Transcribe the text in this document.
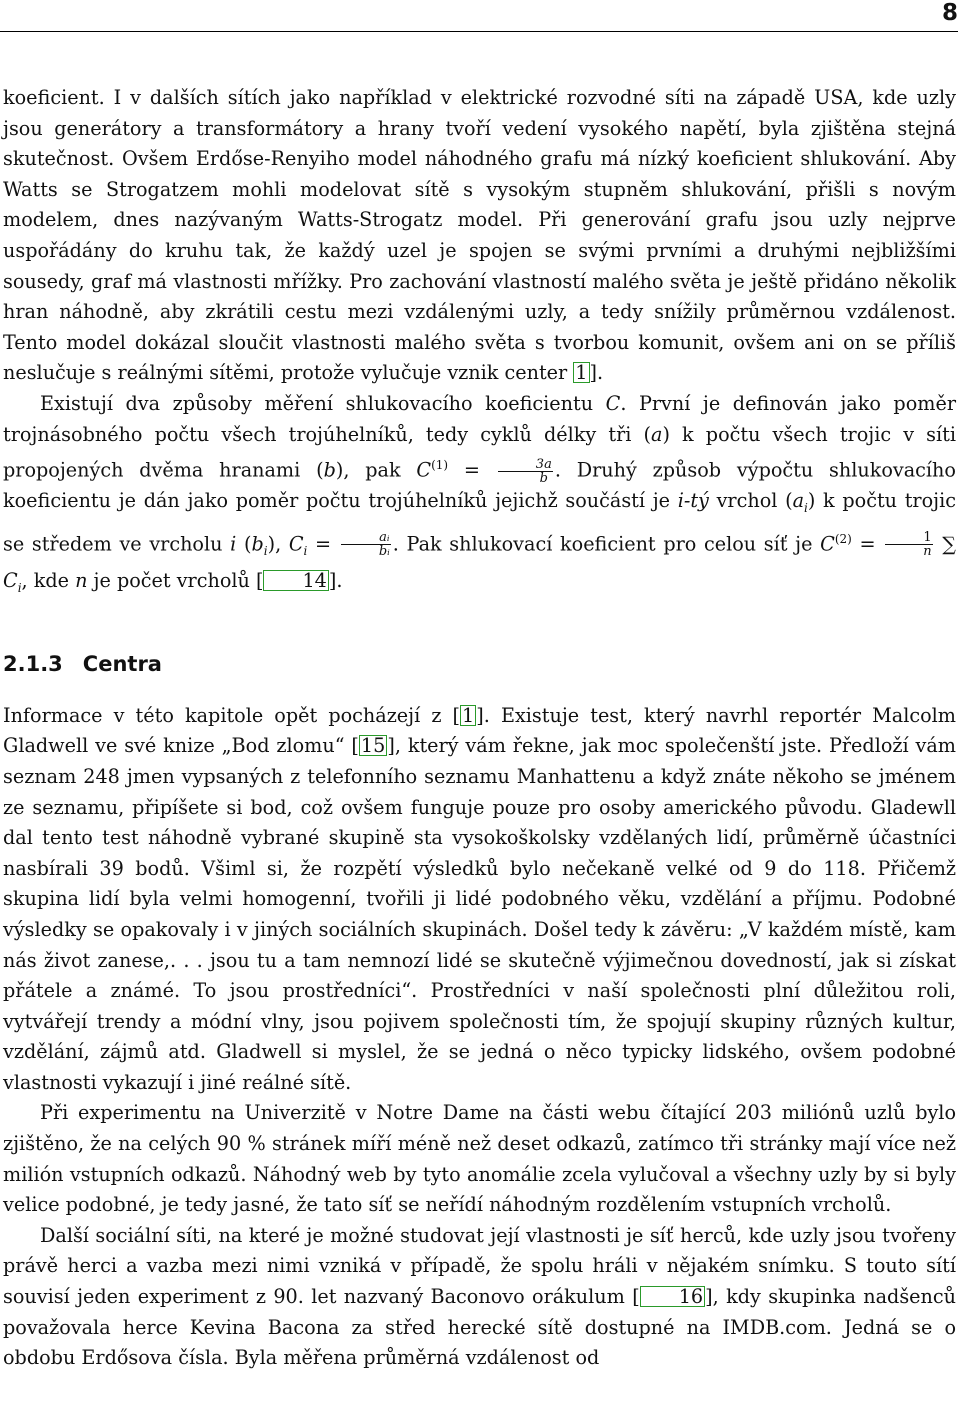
8

koeficient. I v dalších sítích jako například v elektrické rozvodné síti na západě USA, kde uzly jsou generátory a transformátory a hrany tvoří vedení vysokého napětí, byla zjištěna stejná skutečnost. Ovšem Erdőse-Renyiho model náhodného grafu má nízký koeficient shlukování. Aby Watts se Strogatzem mohli modelovat sítě s vysokým stupněm shlukování, přišli s novým modelem, dnes nazývaným Watts-Strogatz model. Při generování grafu jsou uzly nejprve uspořádány do kruhu tak, že každý uzel je spojen se svými prvními a druhými nejbližšími sousedy, graf má vlastnosti mřížky. Pro zachování vlastností malého světa je ještě přidáno několik hran náhodně, aby zkrátili cestu mezi vzdálenými uzly, a tedy snížily průměrnou vzdálenost. Tento model dokázal sloučit vlastnosti malého světa s tvorbou komunit, ovšem ani on se příliš neslučuje s reálnými sítěmi, protože vylučuje vznik center 1 ].

Existují dva způsoby měření shlukovacího koeficientu C. První je definován jako poměr trojnásobného počtu všech trojúhelníků, tedy cyklů délky tři (a) k počtu všech trojic v síti propojených dvěma hranami (b), pak $C^{(1)} = \frac{3a}{b}$ . Druhý způsob výpočtu shlukovacího koeficientu je dán jako poměr počtu trojúhelníků jejichž součástí je i-tý vrchol $(a_i)$ k počtu trojic se středem ve vrcholu i $(b_i)$, $C_i = \frac{\text{aᵢ}}{\text{bᵢ}}$ . Pak shlukovací koeficient pro celou síť je $C^{(2)} = \frac{1}{n}$ ∑ $C_i$, kde n je počet vrcholů [ 14 ].

2.1.3 Centra

Informace v této kapitole opět pocházejí z [ 1 ]. Existuje test, který navrhl reportér Malcolm Gladwell ve své knize „Bod zlomu“ [ 15 ], který vám řekne, jak moc společenští jste. Předloží vám seznam 248 jmen vypsaných z telefonního seznamu Manhattenu a když znáte někoho se jménem ze seznamu, připíšete si bod, což ovšem funguje pouze pro osoby amerického původu. Gladewll dal tento test náhodně vybrané skupině sta vysokoškolsky vzdělaných lidí, průměrně účastníci nasbírali 39 bodů. Všiml si, že rozpětí výsledků bylo nečekaně velké od 9 do 118. Přičemž skupina lidí byla velmi homogenní, tvořili ji lidé podobného věku, vzdělání a příjmu. Podobné výsledky se opakovaly i v jiných sociálních skupinách. Došel tedy k závěru: „V každém místě, kam nás život zanese,. . . jsou tu a tam nemnozí lidé se skutečně výjimečnou dovedností, jak si získat přátele a známé. To jsou prostředníci“. Prostředníci v naší společnosti plní důležitou roli, vytvářejí trendy a módní vlny, jsou pojivem společnosti tím, že spojují skupiny různých kultur, vzdělání, zájmů atd. Gladwell si myslel, že se jedná o něco typicky lidského, ovšem podobné vlastnosti vykazují i jiné reálné sítě.

Při experimentu na Univerzitě v Notre Dame na části webu čítající 203 miliónů uzlů bylo zjištěno, že na celých 90 % stránek míří méně než deset odkazů, zatímco tři stránky mají více než milión vstupních odkazů. Náhodný web by tyto anomálie zcela vylučoval a všechny uzly by si byly velice podobné, je tedy jasné, že tato síť se neřídí náhodným rozdělením vstupních vrcholů.

Další sociální síti, na které je možné studovat její vlastnosti je síť herců, kde uzly jsou tvořeny právě herci a vazba mezi nimi vzniká v případě, že spolu hráli v nějakém snímku. S touto sítí souvisí jeden experiment z 90. let nazvaný Baconovo orákulum [ 16 ], kdy skupinka nadšenců považovala herce Kevina Bacona za střed herecké sítě dostupné na IMDB.com. Jedná se o obdobu Erdősova čísla. Byla měřena průměrná vzdálenost od
